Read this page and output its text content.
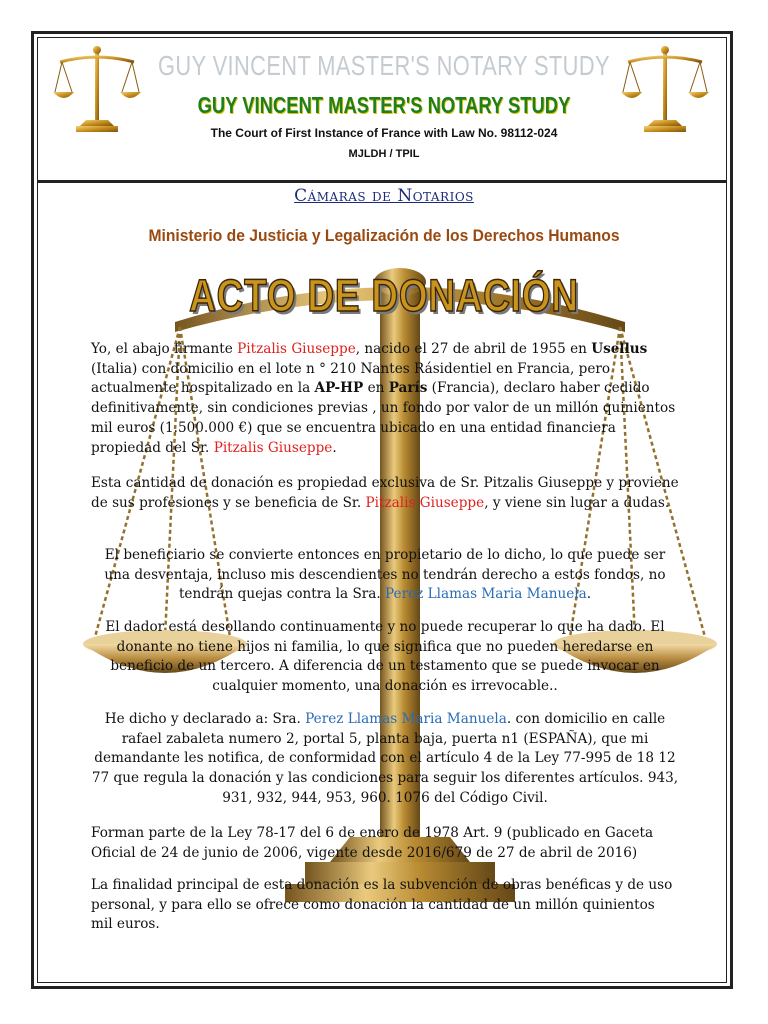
GUY VINCENT MASTER'S NOTARY STUDY
GUY VINCENT MASTER'S NOTARY STUDY
The Court of First Instance of France with Law No. 98112-024
MJLDH / TPIL
Cámaras de Notarios
Ministerio de Justicia y Legalización de los Derechos Humanos
ACTO DE DONACIÓN

Yo, el abajo firmante Pitzalis Giuseppe, nacido el 27 de abril de 1955 en Usellus (Italia) con domicilio en el lote n ° 210 Nantes Rásidentiel en Francia, pero actualmente hospitalizado en la AP-HP en París (Francia), declaro haber cedido definitivamente, sin condiciones previas , un fondo por valor de un millón quinientos mil euros (1.500.000 €) que se encuentra ubicado en una entidad financiera propiedad del Sr. Pitzalis Giuseppe.

Esta cantidad de donación es propiedad exclusiva de Sr. Pitzalis Giuseppe y proviene de sus profesiones y se beneficia de Sr. Pitzalis Giuseppe, y viene sin lugar a dudas.

El beneficiario se convierte entonces en propietario de lo dicho, lo que puede ser una desventaja, incluso mis descendientes no tendrán derecho a estos fondos, no tendrán quejas contra la Sra. Perez Llamas Maria Manuela.

El dador está desollando continuamente y no puede recuperar lo que ha dado. El donante no tiene hijos ni familia, lo que significa que no pueden heredarse en beneficio de un tercero. A diferencia de un testamento que se puede invocar en cualquier momento, una donación es irrevocable..

He dicho y declarado a: Sra. Perez Llamas Maria Manuela. con domicilio en calle rafael zabaleta numero 2, portal 5, planta baja, puerta n1 (ESPAÑA), que mi demandante les notifica, de conformidad con el artículo 4 de la Ley 77-995 de 18 12 77 que regula la donación y las condiciones para seguir los diferentes artículos. 943, 931, 932, 944, 953, 960. 1076 del Código Civil.

Forman parte de la Ley 78-17 del 6 de enero de 1978 Art. 9 (publicado en Gaceta Oficial de 24 de junio de 2006, vigente desde 2016/679 de 27 de abril de 2016)
La finalidad principal de esta donación es la subvención de obras benéficas y de uso personal, y para ello se ofrece como donación la cantidad de un millón quinientos mil euros.
